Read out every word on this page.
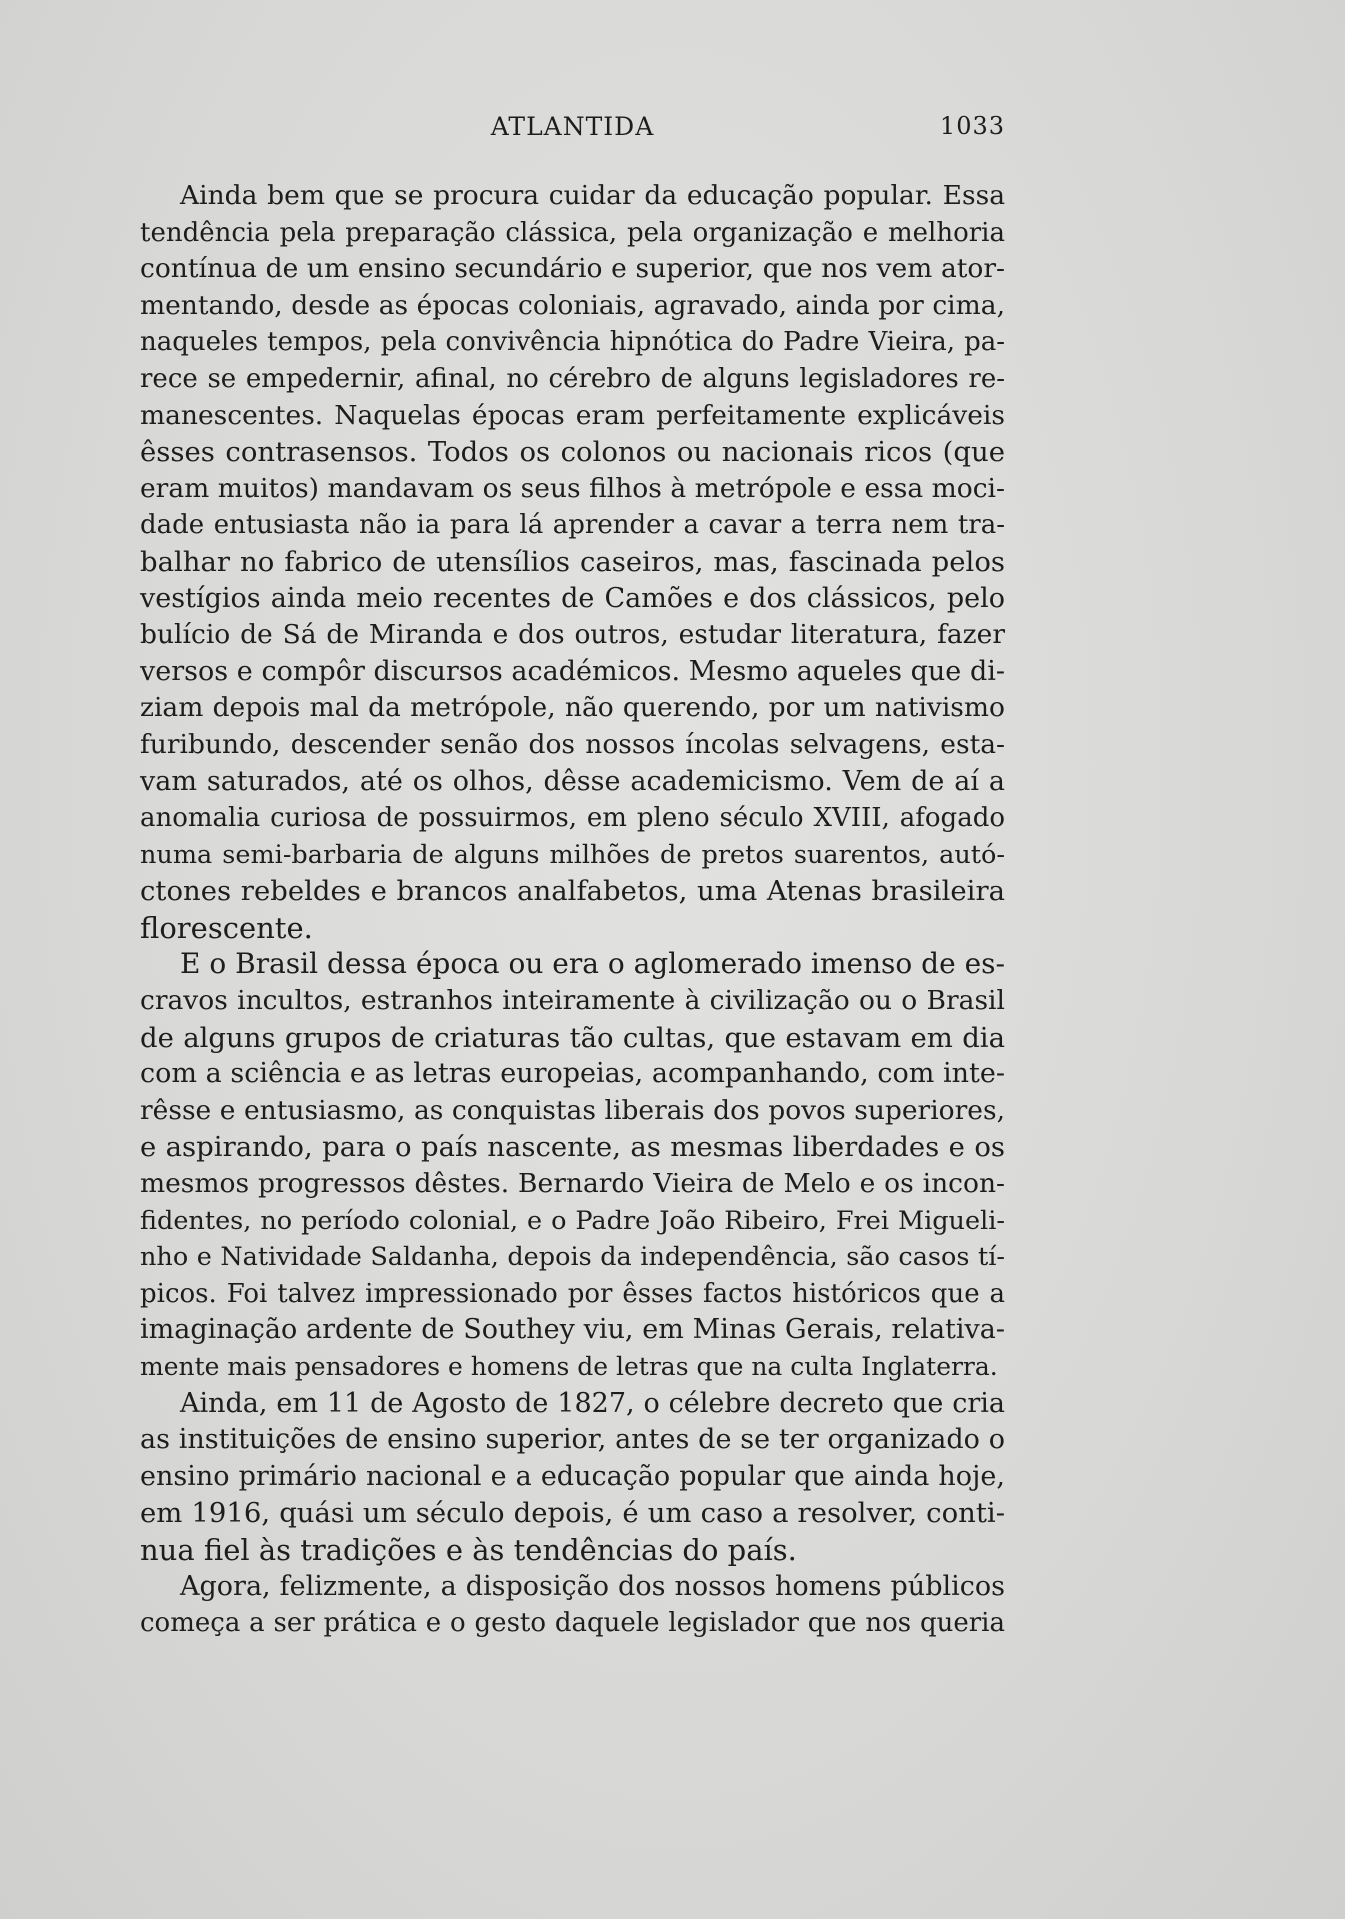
ATLANTIDA	1033
Ainda bem que se procura cuidar da educação popular. Essa
tendência pela preparação clássica, pela organização e melhoria
contínua de um ensino secundário e superior, que nos vem ator-
mentando, desde as épocas coloniais, agravado, ainda por cima,
naqueles tempos, pela convivência hipnótica do Padre Vieira, pa-
rece se empedernir, afinal, no cérebro de alguns legisladores re-
manescentes. Naquelas épocas eram perfeitamente explicáveis
êsses contrasensos. Todos os colonos ou nacionais ricos (que
eram muitos) mandavam os seus filhos à metrópole e essa moci-
dade entusiasta não ia para lá aprender a cavar a terra nem tra-
balhar no fabrico de utensílios caseiros, mas, fascinada pelos
vestígios ainda meio recentes de Camões e dos clássicos, pelo
bulício de Sá de Miranda e dos outros, estudar literatura, fazer
versos e compôr discursos académicos. Mesmo aqueles que di-
ziam depois mal da metrópole, não querendo, por um nativismo
furibundo, descender senão dos nossos íncolas selvagens, esta-
vam saturados, até os olhos, dêsse academicismo. Vem de aí a
anomalia curiosa de possuirmos, em pleno século XVIII, afogado
numa semi-barbaria de alguns milhões de pretos suarentos, autó-
ctones rebeldes e brancos analfabetos, uma Atenas brasileira
florescente.
E o Brasil dessa época ou era o aglomerado imenso de es-
cravos incultos, estranhos inteiramente à civilização ou o Brasil
de alguns grupos de criaturas tão cultas, que estavam em dia
com a sciência e as letras europeias, acompanhando, com inte-
rêsse e entusiasmo, as conquistas liberais dos povos superiores,
e aspirando, para o país nascente, as mesmas liberdades e os
mesmos progressos dêstes. Bernardo Vieira de Melo e os incon-
fidentes, no período colonial, e o Padre João Ribeiro, Frei Migueli-
nho e Natividade Saldanha, depois da independência, são casos tí-
picos. Foi talvez impressionado por êsses factos históricos que a
imaginação ardente de Southey viu, em Minas Gerais, relativa-
mente mais pensadores e homens de letras que na culta Inglaterra.
Ainda, em 11 de Agosto de 1827, o célebre decreto que cria
as instituições de ensino superior, antes de se ter organizado o
ensino primário nacional e a educação popular que ainda hoje,
em 1916, quási um século depois, é um caso a resolver, conti-
nua fiel às tradições e às tendências do país.
Agora, felizmente, a disposição dos nossos homens públicos
começa a ser prática e o gesto daquele legislador que nos queria
